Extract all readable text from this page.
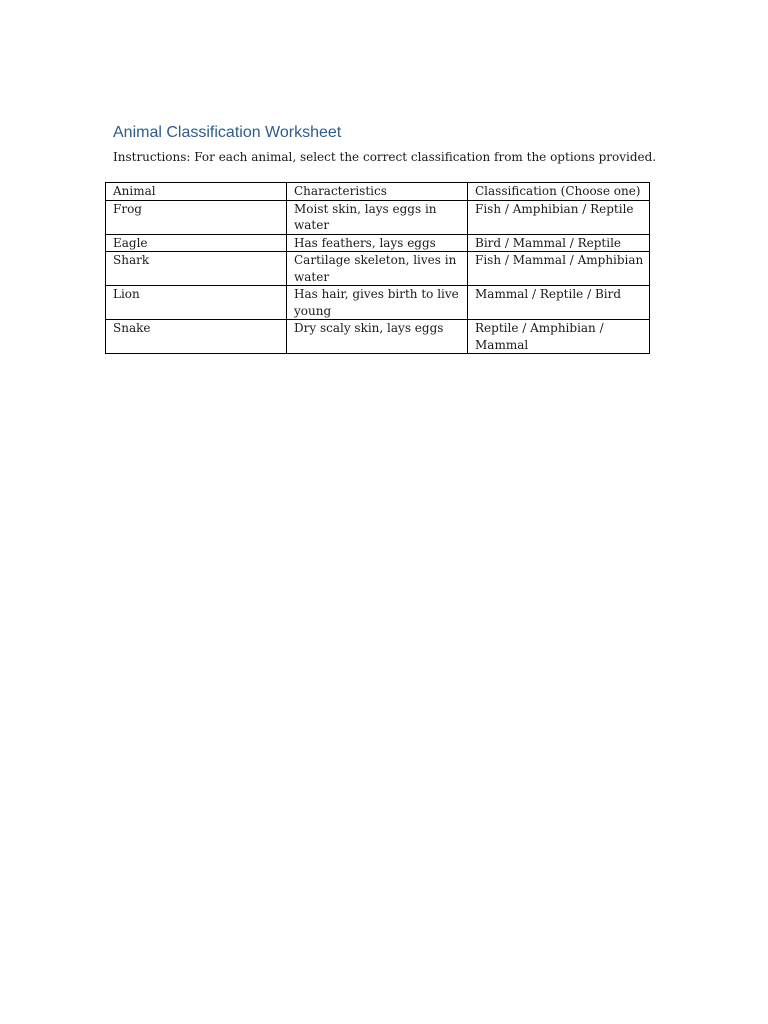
Animal Classification Worksheet

Instructions: For each animal, select the correct classification from the options provided.

Animal	Characteristics	Classification (Choose one)
Frog	Moist skin, lays eggs in water	Fish / Amphibian / Reptile
Eagle	Has feathers, lays eggs	Bird / Mammal / Reptile
Shark	Cartilage skeleton, lives in water	Fish / Mammal / Amphibian
Lion	Has hair, gives birth to live young	Mammal / Reptile / Bird
Snake	Dry scaly skin, lays eggs	Reptile / Amphibian / Mammal
